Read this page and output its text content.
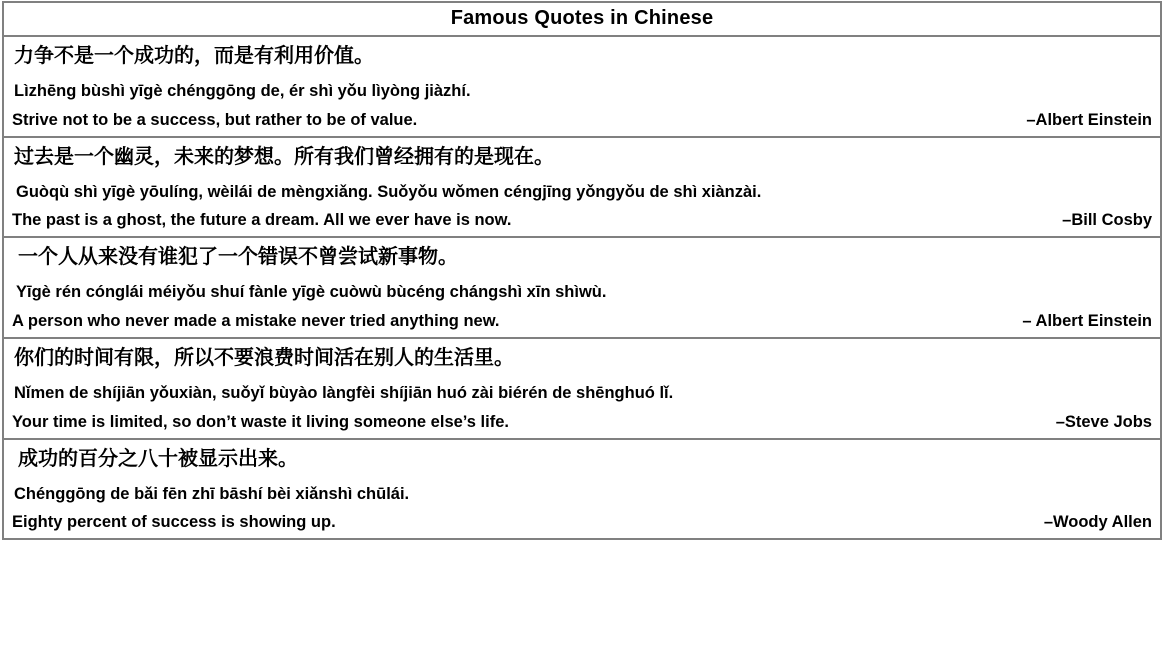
Famous Quotes in Chinese
力争不是一个成功的，而是有利用价值。
Lìzhēng bùshì yīgè chénggōng de, ér shì yǒu lìyòng jiàzhí.
Strive not to be a success, but rather to be of value.	–Albert Einstein
过去是一个幽灵，未来的梦想。所有我们曾经拥有的是现在。
Guòqù shì yīgè yōulíng, wèilái de mèngxiǎng. Suǒyǒu wǒmen céngjīng yǒngyǒu de shì xiànzài.
The past is a ghost, the future a dream. All we ever have is now.	–Bill Cosby
一个人从来没有谁犯了一个错误不曾尝试新事物。
Yīgè rén cónglái méiyǒu shuí fànle yīgè cuòwù bùcéng chángshì xīn shìwù.
A person who never made a mistake never tried anything new.	– Albert Einstein
你们的时间有限，所以不要浪费时间活在别人的生活里。
Nǐmen de shíjiān yǒuxiàn, suǒyǐ bùyào làngfèi shíjiān huó zài biérén de shēnghuó lǐ.
Your time is limited, so don’t waste it living someone else’s life.	–Steve Jobs
成功的百分之八十被显示出来。
Chénggōng de bǎi fēn zhī bāshí bèi xiǎnshì chūlái.
Eighty percent of success is showing up.	–Woody Allen
